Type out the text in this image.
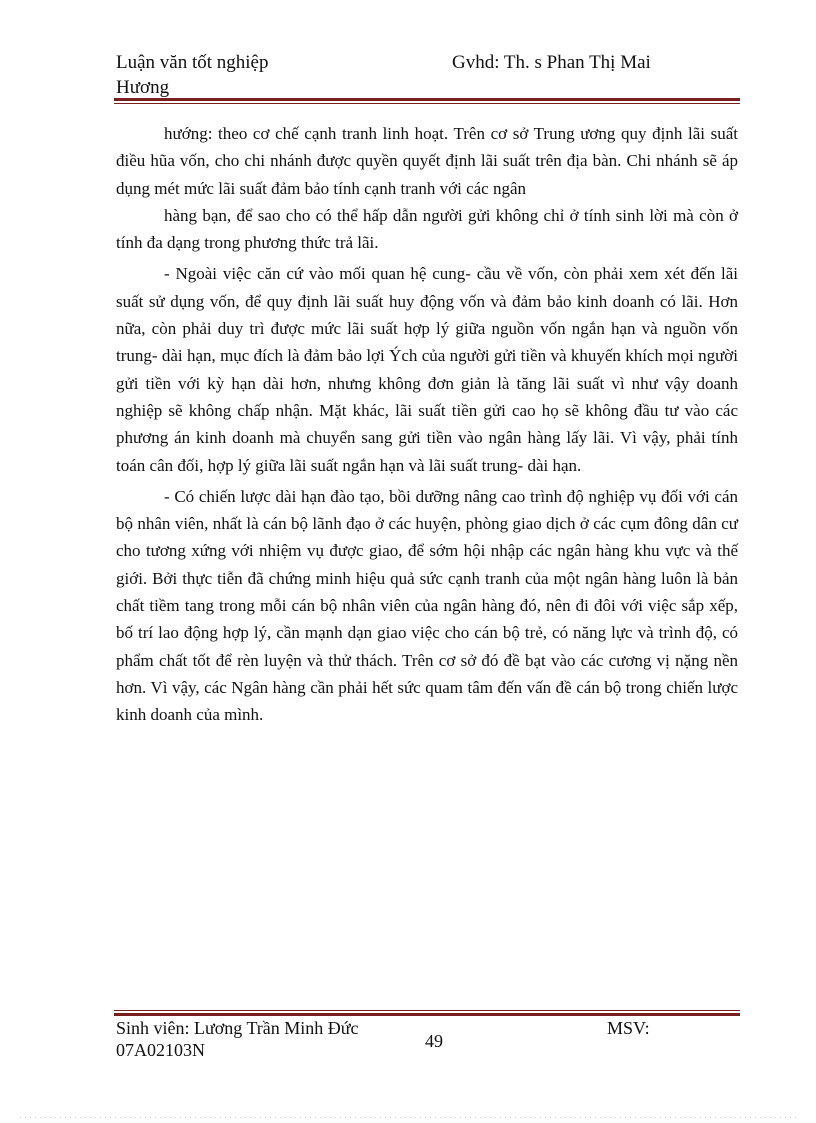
Luận văn tốt nghiệp
Hương
Gvhd: Th. s Phan Thị Mai

hướng: theo cơ chế cạnh tranh linh hoạt. Trên cơ sở Trung ương quy định lãi suất điều hũa vốn, cho chi nhánh được quyền quyết định lãi suất trên địa bàn. Chi nhánh sẽ áp dụng mét mức lãi suất đảm bảo tính cạnh tranh với các ngân

hàng bạn, để sao cho có thể hấp dẫn người gửi không chỉ ở tính sinh lời mà còn ở tính đa dạng trong phương thức trả lãi.

- Ngoài việc căn cứ vào mối quan hệ cung- cầu về vốn, còn phải xem xét đến lãi suất sử dụng vốn, để quy định lãi suất huy động vốn và đảm bảo kinh doanh có lãi. Hơn nữa, còn phải duy trì được mức lãi suất hợp lý giữa nguồn vốn ngắn hạn và nguồn vốn trung- dài hạn, mục đích là đảm bảo lợi Ých của người gửi tiền và khuyến khích mọi người gửi tiền với kỳ hạn dài hơn, nhưng không đơn giản là tăng lãi suất vì như vậy doanh nghiệp sẽ không chấp nhận. Mặt khác, lãi suất tiền gửi cao họ sẽ không đầu tư vào các phương án kinh doanh mà chuyển sang gửi tiền vào ngân hàng lấy lãi. Vì vậy, phải tính toán cân đối, hợp lý giữa lãi suất ngắn hạn và lãi suất trung- dài hạn.

- Có chiến lược dài hạn đào tạo, bồi dưỡng nâng cao trình độ nghiệp vụ đối với cán bộ nhân viên, nhất là cán bộ lãnh đạo ở các huyện, phòng giao dịch ở các cụm đông dân cư cho tương xứng với nhiệm vụ được giao, để sớm hội nhập các ngân hàng khu vực và thế giới. Bởi thực tiễn đã chứng minh hiệu quả sức cạnh tranh của một ngân hàng luôn là bản chất tiềm tang trong mỗi cán bộ nhân viên của ngân hàng đó, nên đi đôi với việc sắp xếp, bố trí lao động hợp lý, cần mạnh dạn giao việc cho cán bộ trẻ, có năng lực và trình độ, có phẩm chất tốt để rèn luyện và thử thách. Trên cơ sở đó đề bạt vào các cương vị nặng nền hơn. Vì vậy, các Ngân hàng cần phải hết sức quam tâm đến vấn đề cán bộ trong chiến lược kinh doanh của mình.

Sinh viên: Lương Trần Minh Đức	MSV:
07A02103N	49
